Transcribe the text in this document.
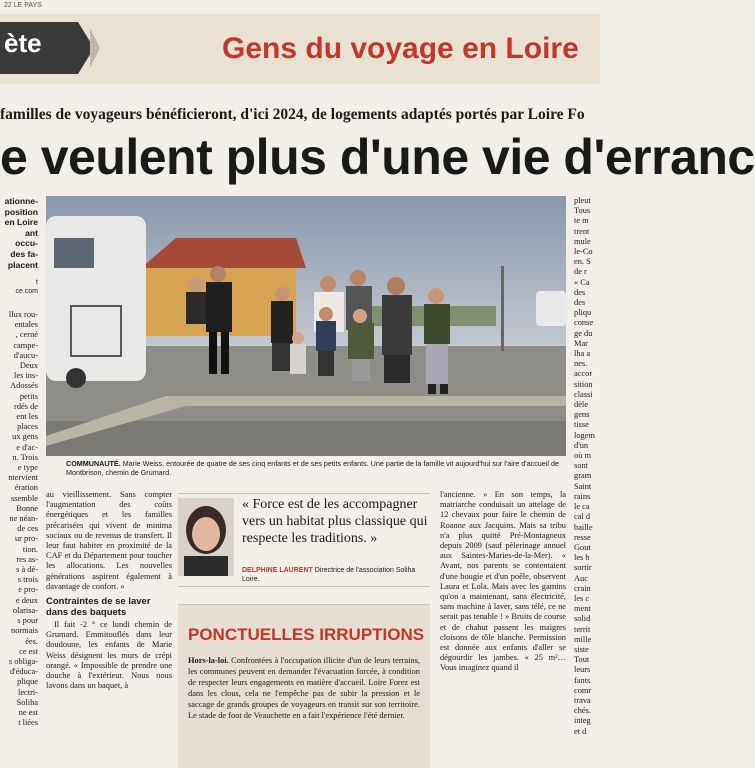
22 LE PAYS
ète	Gens du voyage en Loire
familles de voyageurs bénéficieront, d'ici 2024, de logements adaptés portés par Loire Fo
e veulent plus d'une vie d'erranc
ationne-
position
en Loire
ant occu-
des fa-
placent
t
ce.com
llux rou-
entales
, cerné
campe-
d'aucu-
Deux
les ins-
Adossés
petits
rdés de
ent les
places
ux gens
e d'ac-
n. Trois
e type
ntervient
ération
ssemble
Bonne
ne néan-
de ces
ur pro-
tion.
res as-
s à dé-
s trois
e pro-
e deux
olarisa-
s pour
normais
ées.
ce est
s obliga-
d'éduca-
plique
lectri-
Soliha
ne est
t liées
COMMUNAUTÉ. Marie Weiss, entourée de quatre de ses cinq enfants et de ses petits enfants. Une partie de la famille vit aujourd'hui sur l'aire d'accueil de Montbrison, chemin de Grumard.

au vieillissement. Sans compter l'augmentation des coûts énergétiques et les familles précarisées qui vivent de minima sociaux ou de revenus de transfert. Il leur faut habiter en proximité de la CAF et du Département pour toucher les allocations. Les nouvelles générations aspirent également à davantage de confort. »

Contraintes de se laver dans des baquets

Il fait -2 ° ce lundi chemin de Grumard. Emmitouflés dans leur doudoune, les enfants de Marie Weiss désignent les murs de crépi orangé. « Impossible de prendre une douche à l'extérieur. Nous nous lavons dans un baquet, à

« Force est de les accompagner vers un habitat plus classique qui respecte les traditions. »
DELPHINE LAURENT Directrice de l'association Soliha Loire.
PONCTUELLES IRRUPTIONS
Hors-la-loi. Confrontées à l'occupation illicite d'un de leurs terrains, les communes peuvent en demander l'évacuation forcée, à condition de respecter leurs engagements en matière d'accueil. Loire Forez est dans les clous, cela ne l'empêche pas de subir la pression et le saccage de grands groupes de voyageurs en transit sur son territoire. Le stade de foot de Veauchette en a fait l'expérience l'été dernier.

l'ancienne. » En son temps, la matriarche conduisait un attelage de 12 chevaux pour faire le chemin de Roanne aux Jacquins. Mais sa tribu n'a plus quitté Pré-Montagneux depuis 2009 (sauf pèlerinage annuel aux Saintes-Maries-de-la-Mer). « Avant, nos parents se contentaient d'une bougie et d'un poêle, observent Laura et Lola. Mais avec les gamins qu'on a maintenant, sans électricité, sans machine à laver, sans télé, ce ne serait pas tenable ! » Bruits de course et de chahut passent les maigres cloisons de tôle blanche. Permission est donnée aux enfants d'aller se dégourdir les jambes. « 25 m²… Vous imaginez quand il

pleut
Tous
te m
trent
mule
le-Co
en. S
de r
« Ca
des
des
pliqu
conse
ge du
Mar
lha a
nes.
accor
sition
classi
dèle
gens
tisse
logem
d'un
où m
sont
gram
Saint
rains
le ca
cal d
baille
resse
Gout
les b
sortir
Auc
crain
les c
ment
solid
territ
mille
siste
Tout
leurs
fants
comr
trava
chés.
integ
et d
